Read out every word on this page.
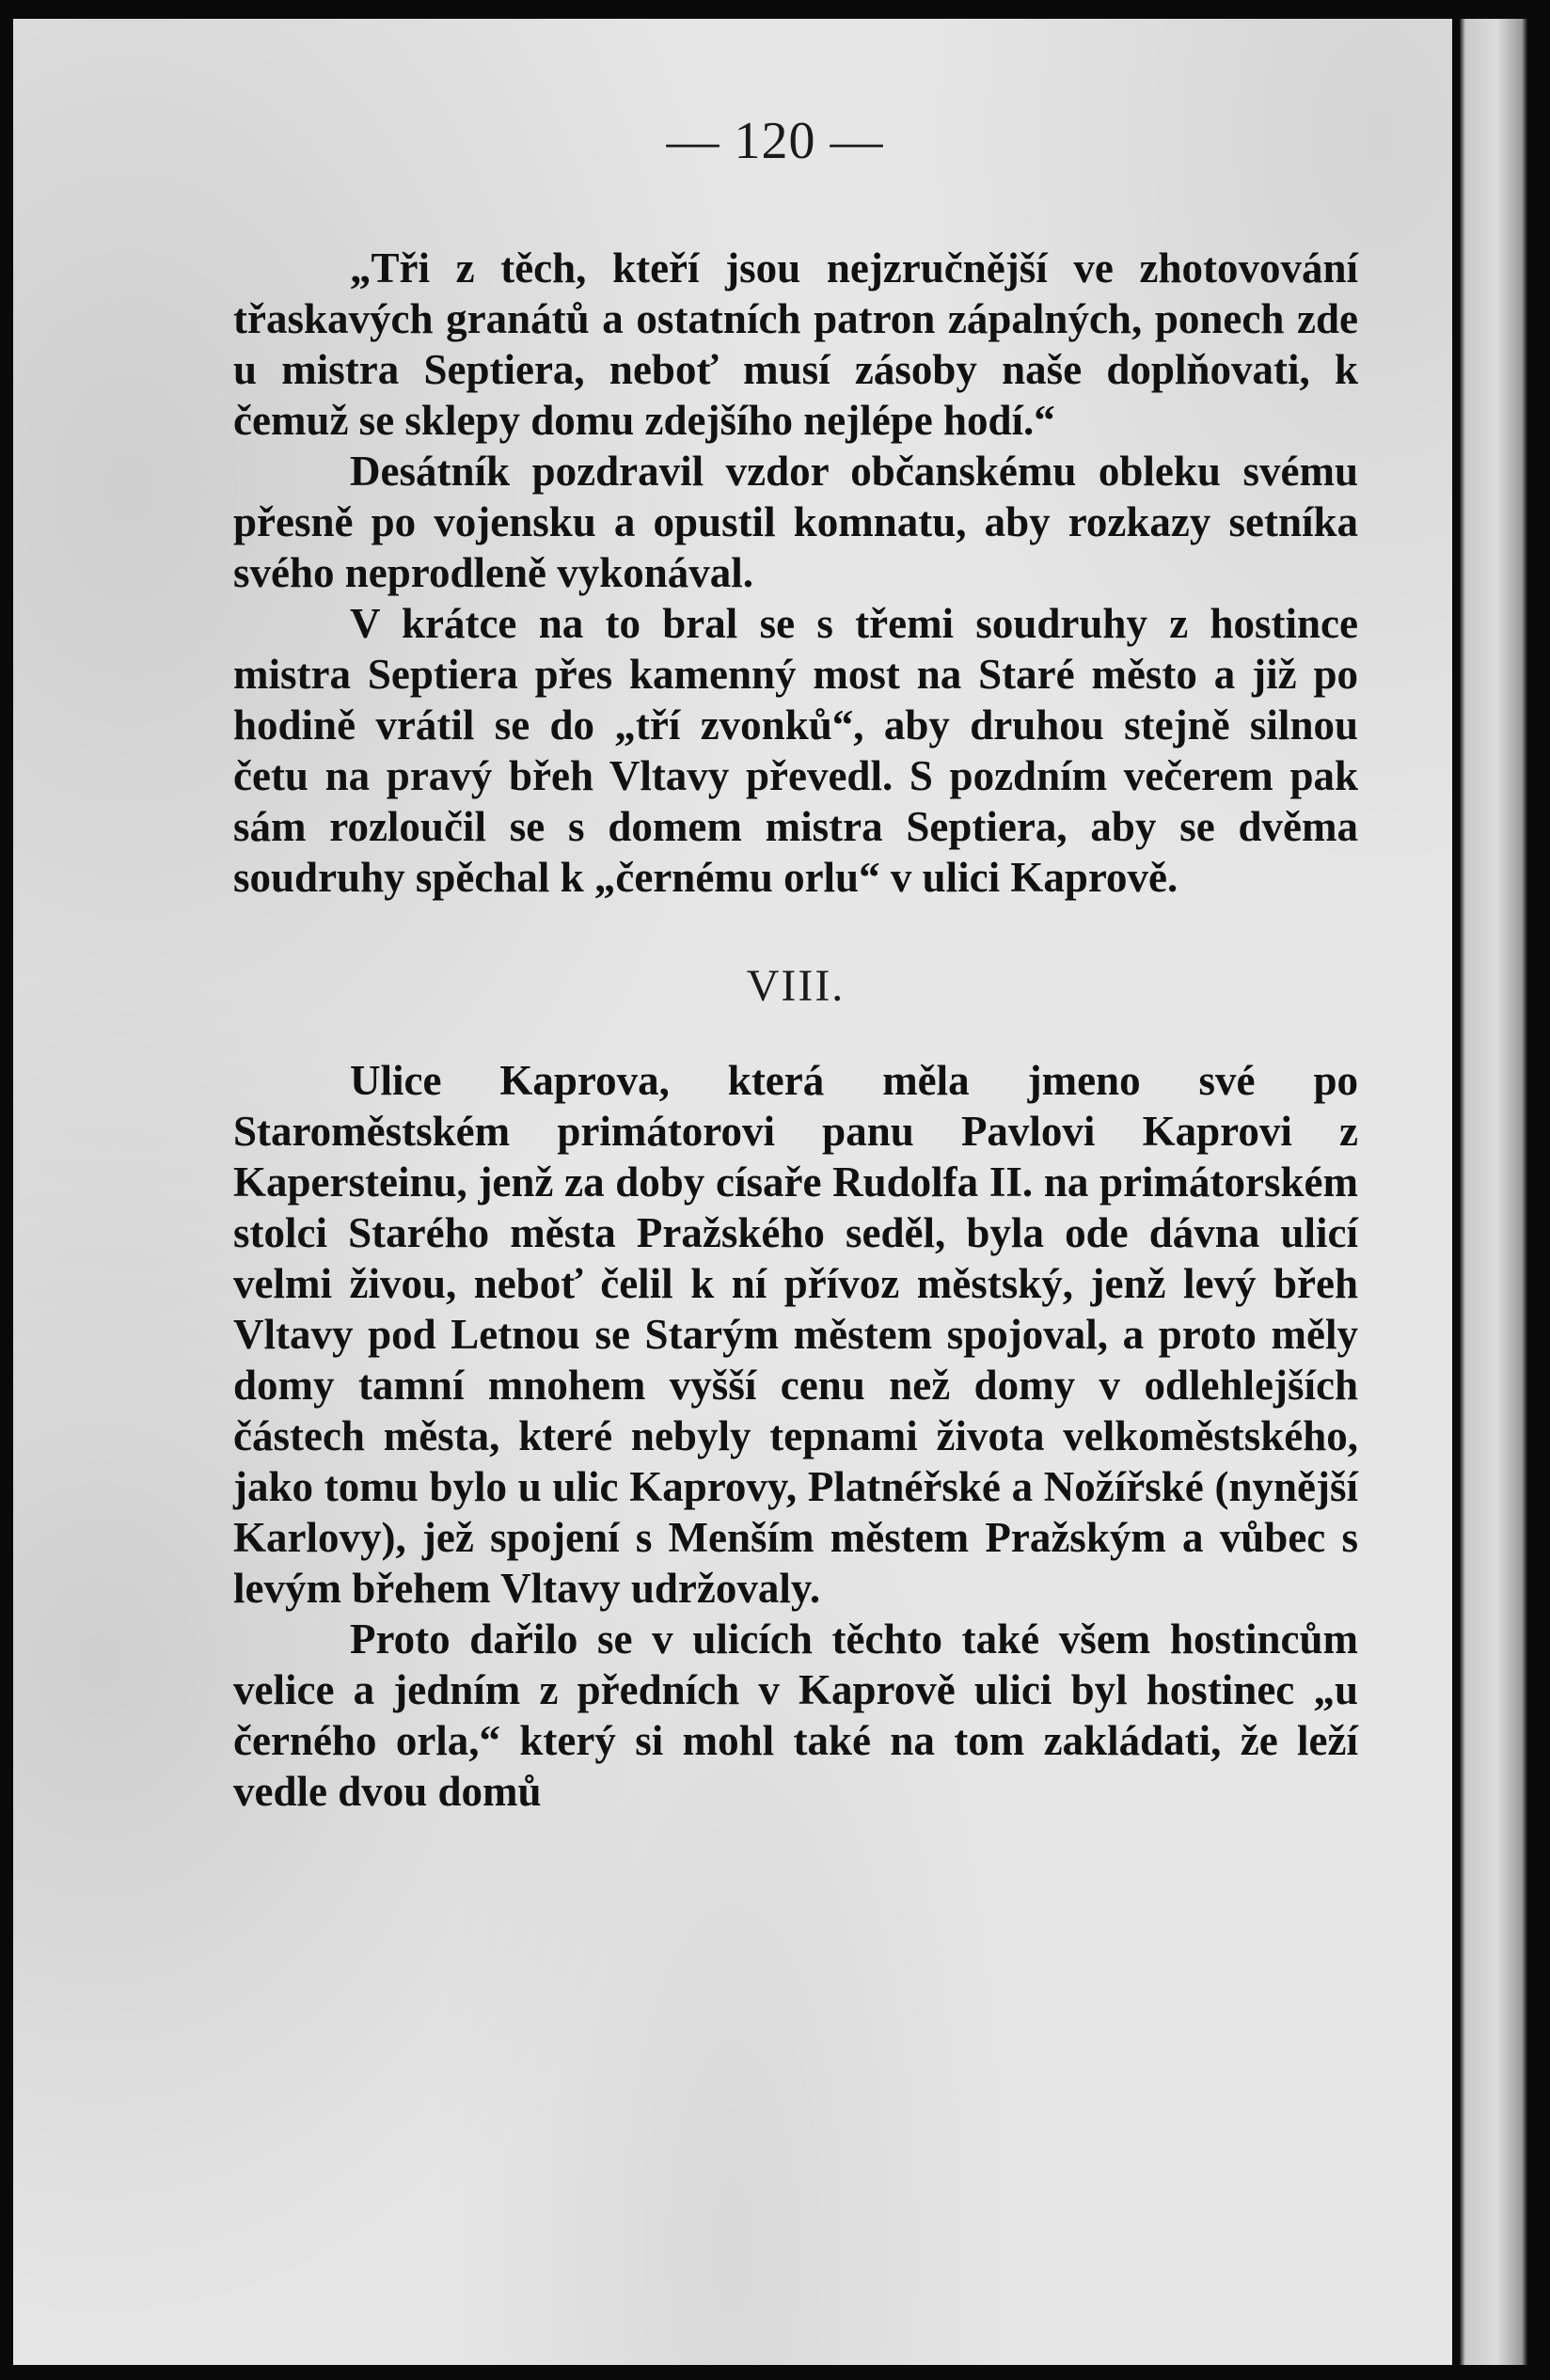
— 120 —

„Tři z těch, kteří jsou nejzručnější ve zhotovování třaskavých granátů a ostatních patron zápalných, ponech zde u mistra Septiera, neboť musí zásoby naše doplňovati, k čemuž se sklepy domu zdejšího nejlépe hodí.“

Desátník pozdravil vzdor občanskému obleku svému přesně po vojensku a opustil komnatu, aby rozkazy setníka svého neprodleně vykonával.

V krátce na to bral se s třemi soudruhy z hostince mistra Septiera přes kamenný most na Staré město a již po hodině vrátil se do „tří zvonků“, aby druhou stejně silnou četu na pravý břeh Vltavy převedl. S pozdním večerem pak sám rozloučil se s domem mistra Septiera, aby se dvěma soudruhy spěchal k „černému orlu“ v ulici Kaprově.

VIII.

Ulice Kaprova, která měla jmeno své po Staroměstském primátorovi panu Pavlovi Kaprovi z Kapersteinu, jenž za doby císaře Rudolfa II. na primátorském stolci Starého města Pražského seděl, byla ode dávna ulicí velmi živou, neboť čelil k ní přívoz městský, jenž levý břeh Vltavy pod Letnou se Starým městem spojoval, a proto měly domy tamní mnohem vyšší cenu než domy v odlehlejších částech města, které nebyly tepnami života velkoměstského, jako tomu bylo u ulic Kaprovy, Platnéřské a Nožířské (nynější Karlovy), jež spojení s Menším městem Pražským a vůbec s levým břehem Vltavy udržovaly.

Proto dařilo se v ulicích těchto také všem hostincům velice a jedním z předních v Kaprově ulici byl hostinec „u černého orla,“ který si mohl také na tom zakládati, že leží vedle dvou domů
